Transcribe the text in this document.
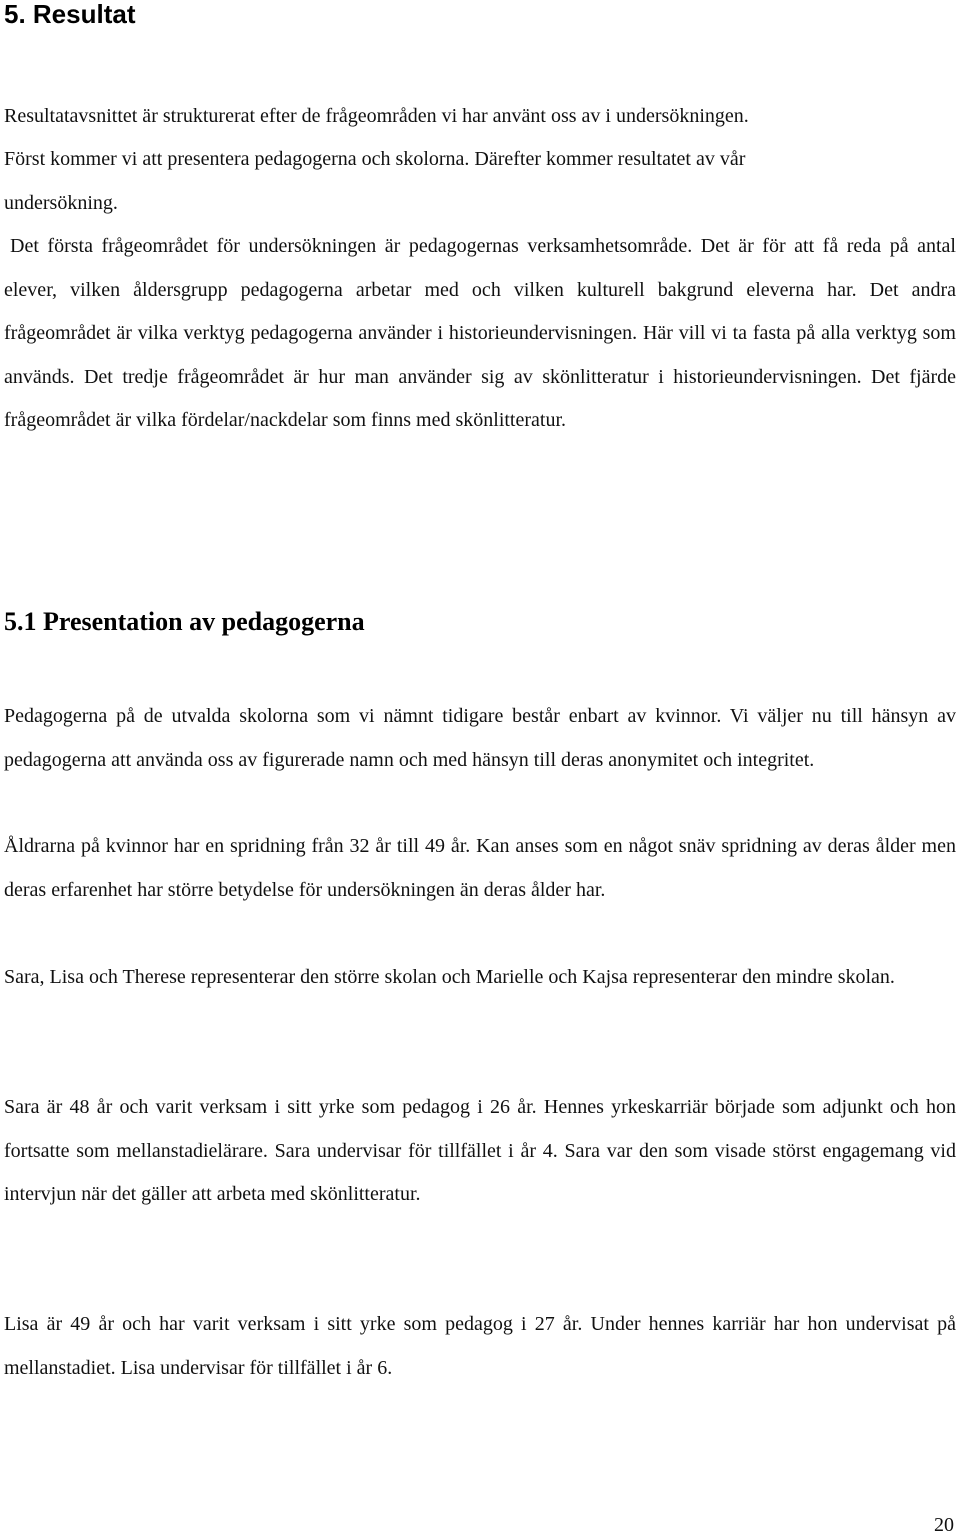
5. Resultat

Resultatavsnittet är strukturerat efter de frågeområden vi har använt oss av i undersökningen.

Först kommer vi att presentera pedagogerna och skolorna. Därefter kommer resultatet av vår

undersökning.

Det första frågeområdet för undersökningen är pedagogernas verksamhetsområde. Det är för att få reda på antal elever, vilken åldersgrupp pedagogerna arbetar med och vilken kulturell bakgrund eleverna har. Det andra frågeområdet är vilka verktyg pedagogerna använder i historieundervisningen. Här vill vi ta fasta på alla verktyg som används. Det tredje frågeområdet är hur man använder sig av skönlitteratur i historieundervisningen. Det fjärde frågeområdet är vilka fördelar/nackdelar som finns med skönlitteratur.

5.1 Presentation av pedagogerna

Pedagogerna på de utvalda skolorna som vi nämnt tidigare består enbart av kvinnor. Vi väljer nu till hänsyn av pedagogerna att använda oss av figurerade namn och med hänsyn till deras anonymitet och integritet.

Åldrarna på kvinnor har en spridning från 32 år till 49 år. Kan anses som en något snäv spridning av deras ålder men deras erfarenhet har större betydelse för undersökningen än deras ålder har.

Sara, Lisa och Therese representerar den större skolan och Marielle och Kajsa representerar den mindre skolan.

Sara är 48 år och varit verksam i sitt yrke som pedagog i 26 år. Hennes yrkeskarriär började som adjunkt och hon fortsatte som mellanstadielärare. Sara undervisar för tillfället i år 4. Sara var den som visade störst engagemang vid intervjun när det gäller att arbeta med skönlitteratur.

Lisa är 49 år och har varit verksam i sitt yrke som pedagog i 27 år. Under hennes karriär har hon undervisat på mellanstadiet. Lisa undervisar för tillfället i år 6.

20
